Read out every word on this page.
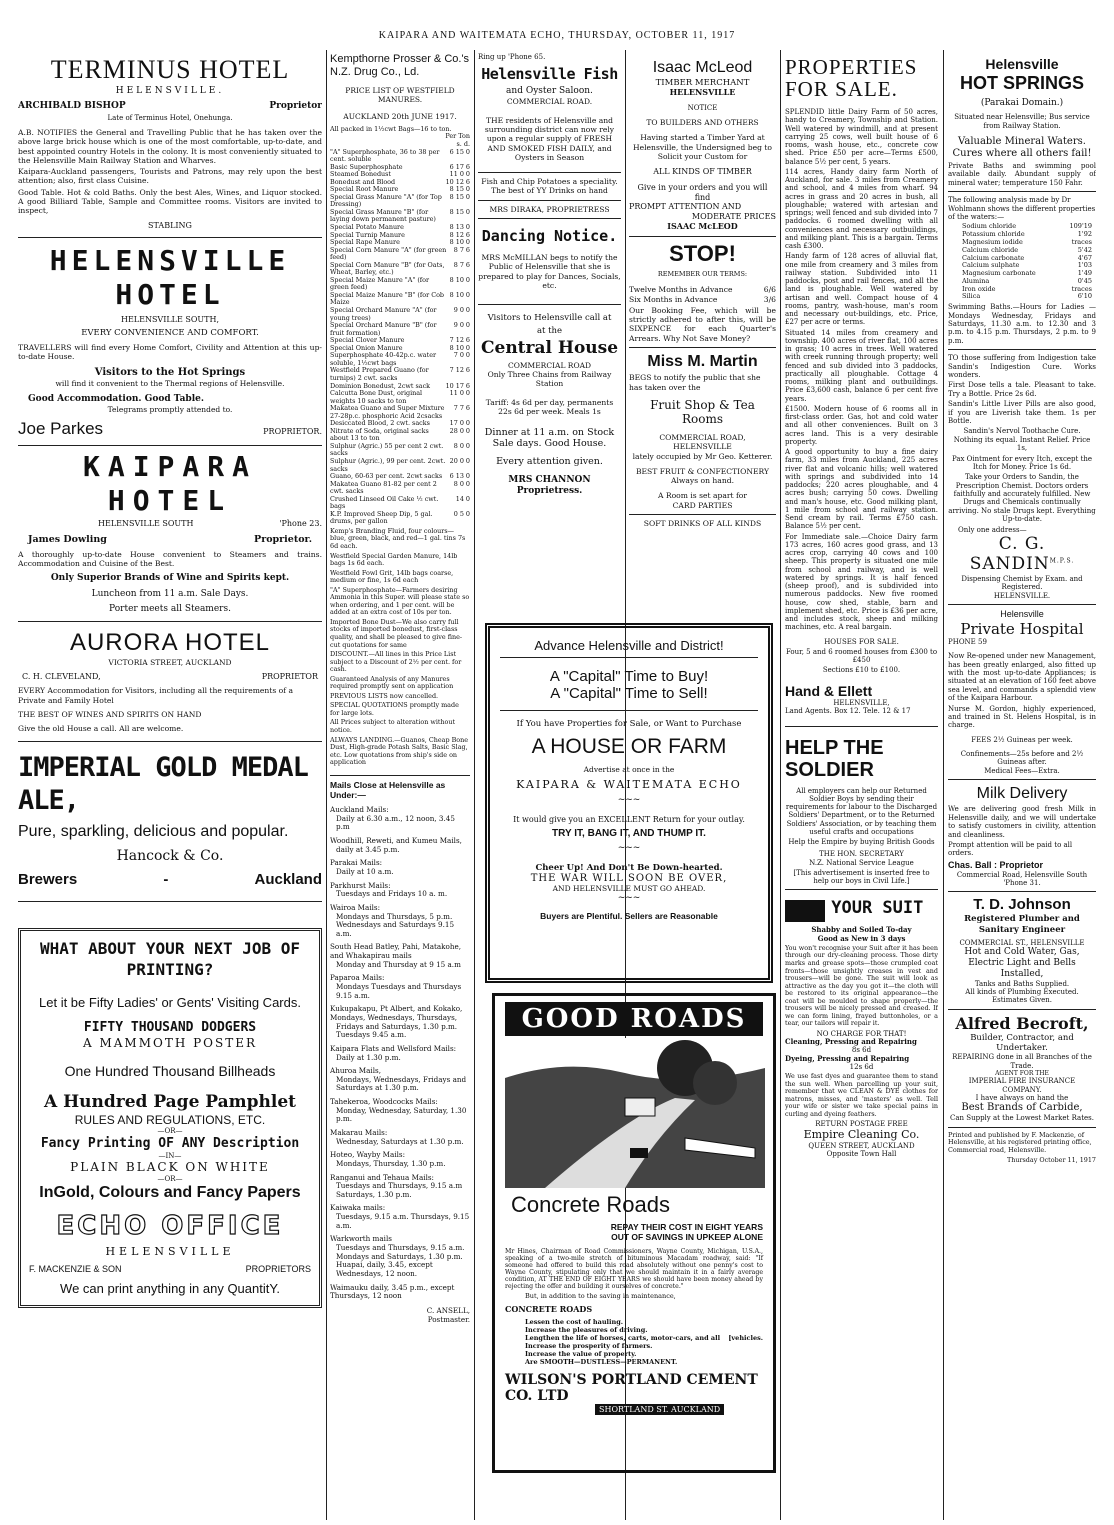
KAIPARA AND WAITEMATA ECHO, THURSDAY, OCTOBER 11, 1917
TERMINUS HOTEL
HELENSVILLE.
ARCHIBALD BISHOP	Proprietor
Late of Terminus Hotel, Onehunga.

A.B. NOTIFIES the General and Travelling Public that he has taken over the above large brick house which is one of the most comfortable, up-to-date, and best appointed country Hotels in the colony. It is most conveniently situated to the Helensville Main Railway Station and Wharves.

Kaipara-Auckland passengers, Tourists and Patrons, may rely upon the best attention; also, first class Cuisine.

Good Table. Hot & cold Baths. Only the best Ales, Wines, and Liquor stocked. A good Billiard Table, Sample and Committee rooms. Visitors are invited to inspect,

STABLING
HELENSVILLE HOTEL
HELENSVILLE SOUTH,
EVERY CONVENIENCE AND COMFORT.

TRAVELLERS will find every Home Comfort, Civility and Attention at this up-to-date House.

Visitors to the Hot Springs
will find it convenient to the Thermal regions of Helensville.
Good Accommodation. Good Table.
Telegrams promptly attended to.
Joe Parkes	PROPRIETOR.
KAIPARA HOTEL
HELENSVILLE SOUTH	'Phone 23.
James Dowling	Proprietor.

A thoroughly up-to-date House convenient to Steamers and trains. Accommodation and Cuisine of the Best.

Only Superior Brands of Wine and Spirits kept.
Luncheon from 11 a.m. Sale Days.
Porter meets all Steamers.
AURORA HOTEL
VICTORIA STREET, AUCKLAND
C. H. CLEVELAND,	PROPRIETOR

EVERY Accommodation for Visitors, including all the requirements of a Private and Family Hotel

THE BEST OF WINES AND SPIRITS ON HAND

Give the old House a call. All are welcome.

IMPERIAL GOLD MEDAL ALE,
Pure, sparkling, delicious and popular.
Hancock & Co.
Brewers	-	Auckland
WHAT ABOUT YOUR NEXT JOB OF PRINTING?
Let it be Fifty Ladies' or Gents' Visiting Cards.
FIFTY THOUSAND DODGERS
A MAMMOTH POSTER
One Hundred Thousand Billheads
A Hundred Page Pamphlet
RULES AND REGULATIONS, ETC.
—OR—
Fancy Printing OF ANY Description
—IN—
PLAIN BLACK ON WHITE
—OR—
InGold, Colours and Fancy Papers
ECHO OFFICE
HELENSVILLE
F. MACKENZIE & SON	PROPRIETORS
We can print anything in any QuantitY.
Kempthorne Prosser & Co.'s N.Z. Drug Co., Ld.
PRICE LIST OF WESTFIELD MANURES.
AUCKLAND 20th JUNE 1917.
All packed in 1½cwt Bags—16 to ton.
Per Ton
s. d.
"A" Superphosphate, 36 to 38 per cent. soluble
6 15 0
Basic Superphosphate	6 17 6
Steamed Bonedust	11 0 0
Bonedust and Blood	10 12 6
Special Root Manure	8 15 0
Special Grass Manure "A" (for Top Dressing)
8 15 0
Special Grass Manure "B" (for laying down permanent pasture)
8 15 0
Special Potato Manure	8 13 0
Special Turnip Manure	8 12 6
Special Rape Manure	8 10 0
Special Corn Manure "A" (for green feed)
8 7 6
Special Corn Manure "B" (for Oats, Wheat, Barley, etc.)
8 7 6
Special Maize Manure "A" (for green feed)
8 10 0
Special Maize Manure "B" (for Cob Maize
8 10 0
Special Orchard Manure "A" (for young trees)
9 0 0
Special Orchard Manure "B" (for fruit formation)
9 0 0
Special Clover Manure	7 12 6
Special Onion Manure	8 10 0
Superphosphate 40-42p.c. water soluble, 1½cwt bags
7 0 0
Westfield Prepared Guano (for turnips) 2 cwt. sacks
7 12 6
Dominion Bonedust, 2cwt sack 10 17 6
Calcutta Bone Dust, original weights 10 sacks to ton
11 0 0
Makatea Guano and Super Mixture 27-28p.c. phosphoric Acid 2csacks
7 7 6
Desiccated Blood, 2 cwt. sacks	17 0 0
Nitrate of Soda, original sacks about 13 to ton
28 0 0
Sulphur (Agric.) 55 per cent 2 cwt. sacks
8 0 0
Sulphur (Agric.), 99 per cent. 2cwt. sacks
20 0 0
Guano, 60-63 per cent. 2cwt sacks 6 13 0
Makatea Guano 81-82 per cent 2 cwt. sacks
8 0 0
Crushed Linseed Oil Cake ½ cwt. bags
14 0
K.P. Improved Sheep Dip, 5 gal. drums, per gallon
0 5 0

Kemp's Branding Fluid, four colours—blue, green, black, and red—1 gal. tins 7s 6d each.

Westfield Special Garden Manure, 14lb bags 1s 6d each.

Westfield Fowl Grit, 14lb bags coarse, medium or fine, 1s 6d each

"A" Superphosphate—Farmers desiring Ammonia in this Super. will please state so when ordering, and 1 per cent. will be added at an extra cost of 10s per ton.

Imported Bone Dust—We also carry full stocks of imported bonedust, first-class quality, and shall be pleased to give fine-cut quotations for same

DISCOUNT.—All lines in this Price List subject to a Discount of 2½ per cent. for cash.

Guaranteed Analysis of any Manures required promptly sent on application

PREVIOUS LISTS now cancelled.

SPECIAL QUOTATIONS promptly made for large lots.

All Prices subject to alteration without notice.

ALWAYS LANDING.—Guanos, Cheap Bone Dust, High-grade Potash Salts, Basic Slag, etc. Low quotations from ship's side on application

Mails Close at Helensville as Under:—
Auckland Mails:
Daily at 6.30 a.m., 12 noon, 3.45 p.m
Woodhill, Reweti, and Kumeu Mails,
daily at 3.45 p.m.
Parakai Mails:
Daily at 10 a.m.
Parkhurst Mails:
Tuesdays and Fridays 10 a. m.
Wairoa Mails:
Mondays and Thursdays, 5 p.m. Wednesdays and Saturdays 9.15 a.m.
South Head Batley, Pahi, Matakohe, and Whakapirau mails
Monday and Thursday at 9 15 a.m
Paparoa Mails:
Mondays Tuesdays and Thursdays 9.15 a.m.
Kukupakapu, Pt Albert, and Kokako, Mondays, Wednesdays, Thursdays,
Fridays and Saturdays, 1.30 p.m. Tuesdays 9.45 a.m.
Kaipara Flats and Wellsford Mails:
Daily at 1.30 p.m.
Ahuroa Mails,
Mondays, Wednesdays, Fridays and Saturdays at 1.30 p.m.
Tahekeroa, Woodcocks Mails:
Monday, Wednesday, Saturday, 1.30 p.m.
Makarau Mails:
Wednesday, Saturdays at 1.30 p.m.
Hoteo, Wayby Mails:
Mondays, Thursday, 1.30 p.m.
Ranganui and Tehaua Mails:
Tuesdays and Thursdays, 9.15 a.m Saturdays, 1.30 p.m.
Kaiwaka mails:
Tuesdays, 9.15 a.m. Thursdays, 9.15 a.m.
Warkworth mails
Tuesdays and Thursdays, 9.15 a.m. Mondays and Saturdays, 1.30 p.m. Huapai, daily, 3.45, except Wednesdays, 12 noon.
Waimauku daily, 3.45 p.m., except Thursdays, 12 noon
C. ANSELL,
Postmaster.
Ring up 'Phone 65.
Helensville Fish
and Oyster Saloon.
COMMERCIAL ROAD.

THE residents of Helensville and surrounding district can now rely upon a regular supply of FRESH AND SMOKED FISH DAILY, and Oysters in Season

Fish and Chip Potatoes a speciality. The best of YY Drinks on hand

MRS DIRAKA, PROPRIETRESS
Dancing Notice.

MRS McMILLAN begs to notify the Public of Helensville that she is prepared to play for Dances, Socials, etc.

Visitors to Helensville call at

at the
Central House
COMMERCIAL ROAD
Only Three Chains from Railway Station

Tariff: 4s 6d per day, permanents 22s 6d per week. Meals 1s

Dinner at 11 a.m. on Stock Sale days. Good House.

Every attention given.

MRS CHANNON
Proprietress.
Isaac McLeod
TIMBER MERCHANT
HELENSVILLE
NOTICE
TO BUILDERS AND OTHERS

Having started a Timber Yard at Helensville, the Undersigned beg to Solicit your Custom for

ALL KINDS OF TIMBER
Give in your orders and you will find
PROMPT ATTENTION AND
MODERATE PRICES
ISAAC McLEOD
STOP!
REMEMBER OUR TERMS:
Twelve Months in Advance	6/6
Six Months in Advance	3/6

Our Booking Fee, which will be strictly adhered to after this, will be SIXPENCE for each Quarter's Arrears. Why Not Save Money?

Miss M. Martin

BEGS to notify the public that she has taken over the

Fruit Shop & Tea Rooms
COMMERCIAL ROAD,
HELENSVILLE
lately occupied by Mr Geo. Ketterer.
BEST FRUIT & CONFECTIONERY
Always on hand.
A Room is set apart for
CARD PARTIES
SOFT DRINKS OF ALL KINDS
Advance Helensville and District!
A "Capital" Time to Buy!
A "Capital" Time to Sell!
If You have Properties for Sale, or Want to Purchase
A HOUSE OR FARM
Advertise at once in the
KAIPARA & WAITEMATA ECHO
~~~
It would give you an EXCELLENT Return for your outlay.
TRY IT, BANG IT, AND THUMP IT.
~~~
Cheer Up! And Don't Be Down-hearted.
THE WAR WILL SOON BE OVER,
AND HELENSVILLE MUST GO AHEAD.
~~~
Buyers are Plentiful. Sellers are Reasonable
GOOD ROADS
Concrete Roads
REPAY THEIR COST IN EIGHT YEARS
OUT OF SAVINGS IN UPKEEP ALONE

Mr Hines, Chairman of Road Commissioners, Wayne County, Michigan, U.S.A., speaking of a two-mile stretch of bituminous Macadam roadway, said: "If someone had offered to build this road absolutely without one penny's cost to Wayne County, stipulating only that we should maintain it in a fairly average condition, AT THE END OF EIGHT YEARS we should have been money ahead by rejecting the offer and building it ourselves of concrete."

But, in addition to the saving in maintenance,

CONCRETE ROADS
Lessen the cost of hauling.
Increase the pleasures of driving.
Lengthen the life of horses, carts, motor-cars, and all [vehicles.
Increase the prosperity of farmers.
Increase the value of property.
Are SMOOTH—DUSTLESS—PERMANENT.
WILSON'S PORTLAND CEMENT CO. LTD
SHORTLAND ST. AUCKLAND
PROPERTIES FOR SALE.

SPLENDID little Dairy Farm of 50 acres, handy to Creamery, Township and Station. Well watered by windmill, and at present carrying 25 cows, well built house of 6 rooms, wash house, etc., concrete cow shed. Price £50 per acre—Terms £500, balance 5½ per cent, 5 years.

114 acres, Handy dairy farm North of Auckland, for sale. 3 miles from Creamery and school, and 4 miles from wharf. 94 acres in grass and 20 acres in bush, all ploughable; watered with artesian and springs; well fenced and sub divided into 7 paddocks. 6 roomed dwelling with all conveniences and necessary outbuildings, and milking plant. This is a bargain. Terms cash £300.

Handy farm of 128 acres of alluvial flat, one mile from creamery and 3 miles from railway station. Subdivided into 11 paddocks, post and rail fences, and all the land is ploughable. Well watered by artisan and well. Compact house of 4 rooms, pantry, wash-house, man's room and necessary out-buildings, etc. Price, £27 per acre or terms.

Situated 14 miles from creamery and township. 400 acres of river flat, 100 acres in grass; 10 acres in trees. Well watered with creek running through property; well fenced and sub divided into 3 paddocks, practically all ploughable. Cottage 4 rooms, milking plant and outbuildings. Price £3,600 cash, balance 6 per cent five years.

£1500. Modern house of 6 rooms all in first-class order. Gas, hot and cold water and all other conveniences. Built on 3 acres land. This is a very desirable property.

A good opportunity to buy a fine dairy farm, 33 miles from Auckland, 225 acres river flat and volcanic hills; well watered with springs and subdivided into 14 paddocks; 220 acres ploughable, and 4 acres bush; carrying 50 cows. Dwelling and man's house, etc. Good milking plant, 1 mile from school and railway station. Send cream by rail. Terms £750 cash. Balance 5½ per cent.

For Immediate sale.—Choice Dairy farm 173 acres, 160 acres good grass, and 13 acres crop, carrying 40 cows and 100 sheep. This property is situated one mile from school and railway, and is well watered by springs. It is half fenced (sheep proof), and is subdivided into numerous paddocks. New five roomed house, cow shed, stable, barn and implement shed, etc. Price is £36 per acre, and includes stock, sheep and milking machines, etc. A real bargain.

HOUSES FOR SALE.

Four, 5 and 6 roomed houses from £300 to £450

Sections £10 to £100.

Hand & Ellett
HELENSVILLE,
Land Agents. Box 12. Tele. 12 & 17
HELP THE SOLDIER

All employers can help our Returned Soldier Boys by sending their requirements for labour to the Discharged Soldiers' Department, or to the Returned Soldiers' Association, or by teaching them useful crafts and occupations

Help the Empire by buying British Goods

THE HON. SECRETARY
N.Z. National Service League

[This advertisement is inserted free to help our boys in Civil Life.]

YOUR SUIT
Shabby and Soiled To-day
Good as New in 3 days

You won't recognise your Suit after it has been through our dry-cleaning process. Those dirty marks and grease spots—those crumpled coat fronts—those unsightly creases in vest and trousers—will be gone. The suit will look as attractive as the day you got it—the cloth will be restored to its original appearance—the coat will be moulded to shape properly—the trousers will be nicely pressed and creased. If we can form lining, frayed buttonholes, or a tear, our tailors will repair it.

NO CHARGE FOR THAT!
Cleaning, Pressing and Repairing
8s 6d
Dyeing, Pressing and Repairing
12s 6d

We use fast dyes and guarantee them to stand the sun well. When parcelling up your suit, remember that we CLEAN & DYE clothes for matrons, misses, and 'masters' as well. Tell your wife or sister we take special pains in curling and dyeing feathers.

RETURN POSTAGE FREE
Empire Cleaning Co.
QUEEN STREET, AUCKLAND
Opposite Town Hall
Helensville
HOT SPRINGS
(Parakai Domain.)

Situated near Helensville; Bus service from Railway Station.

Valuable Mineral Waters.
Cures where all others fail!

Private Baths and swimming pool available daily. Abundant supply of mineral water; temperature 150 Fahr.

The following analysis made by Dr Wohlmann shows the different properties of the waters:—

Sodium chloride	109'19
Potassium chloride	1'92
Magnesium iodide	traces
Calcium chloride	5'42
Calcium carbonate	4'67
Calcium sulphate	1'03
Magnesium carbonate	1'49
Alumina	0'45
Iron oxide	traces
Silica	6'10

Swimming Baths.—Hours for Ladies —Mondays Wednesday, Fridays and Saturdays, 11.30 a.m. to 12.30 and 3 p.m. to 4.15 p.m. Thursdays, 2 p.m. to 9 p.m.

TO those suffering from Indigestion take Sandin's Indigestion Cure. Works wonders.

First Dose tells a tale. Pleasant to take. Try a Bottle. Price 2s 6d.

Sandin's Little Liver Pills are also good, if you are Liverish take them. 1s per Bottle.

Sandin's Nervol Toothache Cure. Nothing its equal. Instant Relief. Price 1s,

Pax Ointment for every Itch, except the Itch for Money. Price 1s 6d.

Take your Orders to Sandin, the Prescription Chemist. Doctors orders faithfully and accurately fulfilled. New Drugs and Chemicals continually arriving. No stale Drugs kept. Everything Up-to-date.

Only one address—
C. G. $SANDIN^{M.P.S.}$
Dispensing Chemist by Exam. and Registered.
HELENSVILLE.
Helensville
Private Hospital
PHONE 59

Now Re-opened under new Management, has been greatly enlarged, also fitted up with the most up-to-date Appliances; is situated at an elevation of 160 feet above sea level, and commands a splendid view of the Kaipara Harbour.

Nurse M. Gordon, highly experienced, and trained in St. Helens Hospital, is in charge.

FEES 2½ Guineas per week.
Confinements—25s before and 2½ Guineas after.
Medical Fees—Extra.
Milk Delivery

We are delivering good fresh Milk in Helensville daily, and we will undertake to satisfy customers in civility, attention and cleanliness.

Prompt attention will be paid to all orders.

Chas. Ball : Proprietor
Commercial Road, Helensville South 'Phone 31.
T. D. Johnson
Registered Plumber and Sanitary Engineer
COMMERCIAL ST., HELENSVILLE
Hot and Cold Water, Gas, Electric Light and Bells Installed,
Tanks and Baths Supplied.
All kinds of Plumbing Executed.
Estimates Given.
Alfred Becroft,
Builder, Contractor, and Undertaker.
REPAIRING done in all Branches of the Trade.
AGENT FOR THE
IMPERIAL FIRE INSURANCE COMPANY.
I have always on hand the
Best Brands of Carbide,
Can Supply at the Lowest Market Rates.

Printed and published by F. Mackenzie, of Helensville, at his registered printing office, Commercial road, Helensville.

Thursday October 11, 1917
